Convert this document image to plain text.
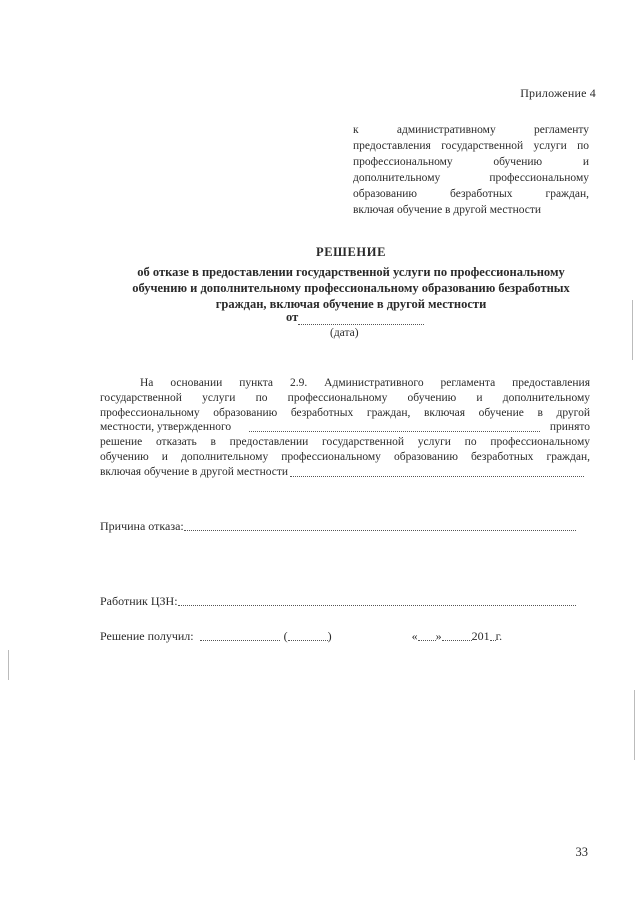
Приложение 4
к административному регламенту
предоставления государственной услуги по
профессиональному обучению и
дополнительному профессиональному
образованию безработных граждан,
включая обучение в другой местности
РЕШЕНИЕ
об отказе в предоставлении государственной услуги по профессиональному
обучению и дополнительному профессиональному образованию безработных
граждан, включая обучение в другой местности
от
(дата)
На основании пункта 2.9. Административного регламента предоставления
государственной услуги по профессиональному обучению и дополнительному
профессиональному образованию безработных граждан, включая обучение в другой
местности, утвержденного	принято
решение отказать в предоставлении государственной услуги по профессиональному
обучению и дополнительному профессиональному образованию безработных граждан,
включая обучение в другой местности
Причина отказа:
Работник ЦЗН:
Решение получил:	(	)	« »	201 г.
33
